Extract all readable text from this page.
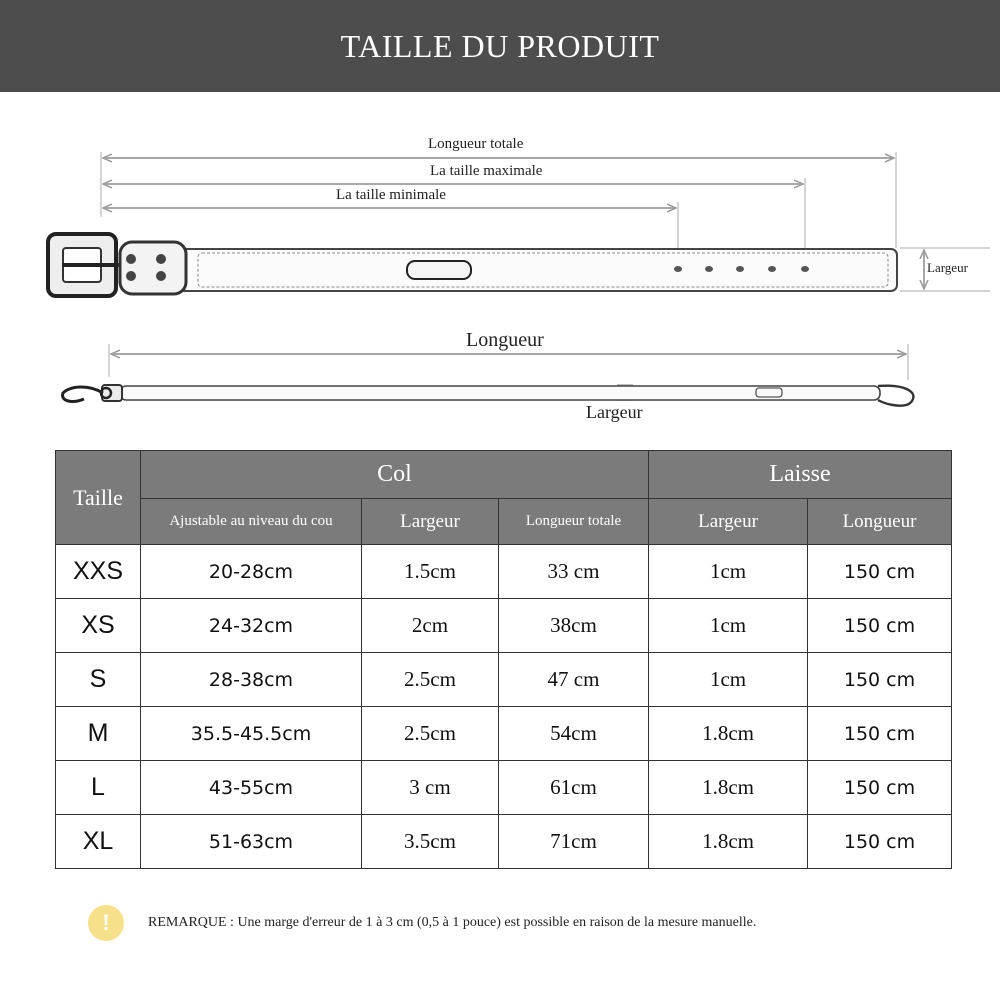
TAILLE DU PRODUIT
Longueur totale
La taille maximale
La taille minimale
Largeur
Longueur
Largeur
Taille	Col			Laisse	
	Ajustable au niveau du cou	Largeur	Longueur totale	Largeur	Longueur
XXS	20-28cm	1.5cm	33 cm	1cm	150 cm
XS	24-32cm	2cm	38cm	1cm	150 cm
S	28-38cm	2.5cm	47 cm	1cm	150 cm
M	35.5-45.5cm	2.5cm	54cm	1.8cm	150 cm
L	43-55cm	3 cm	61cm	1.8cm	150 cm
XL	51-63cm	3.5cm	71cm	1.8cm	150 cm
!	REMARQUE : Une marge d'erreur de 1 à 3 cm (0,5 à 1 pouce) est possible en raison de la mesure manuelle.
